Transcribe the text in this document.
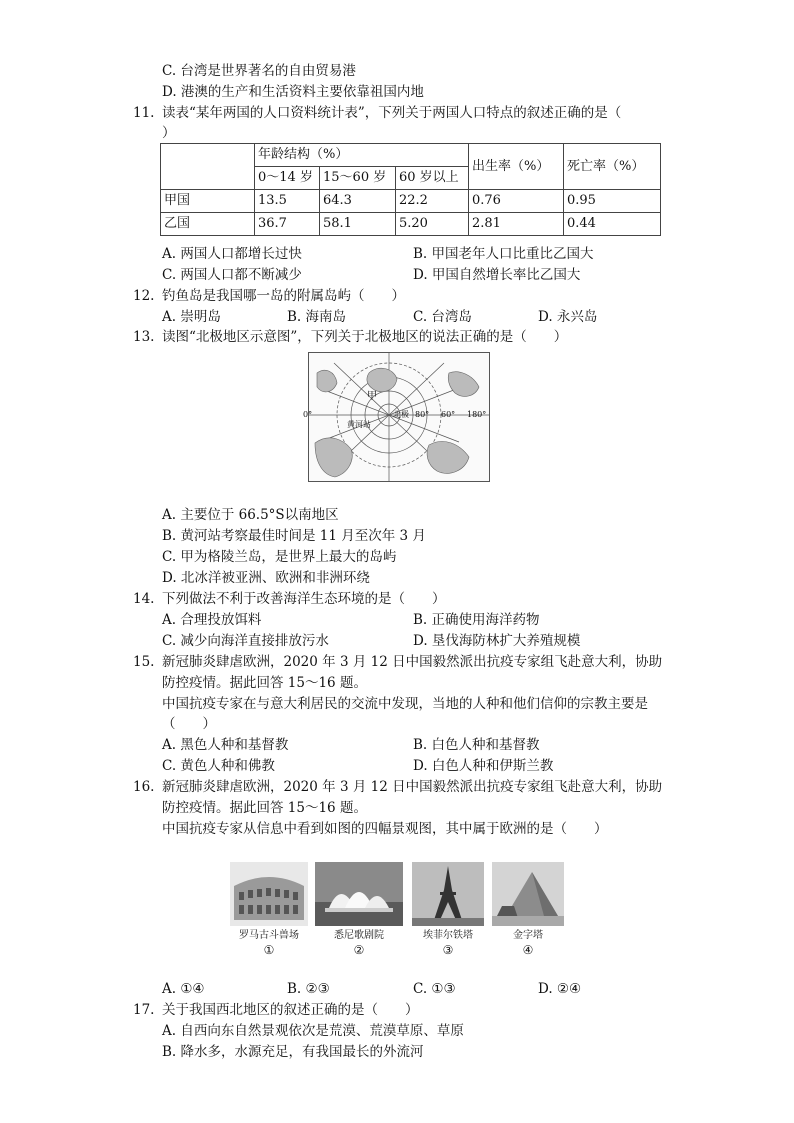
C. 台湾是世界著名的自由贸易港
D. 港澳的生产和生活资料主要依靠祖国内地
11. 读表“某年两国的人口资料统计表”，下列关于两国人口特点的叙述正确的是（
）
	年龄结构（%）			出生率（%）	死亡率（%）
	0～14 岁	15～60 岁	60 岁以上		
甲国	13.5	64.3	22.2	0.76	0.95
乙国	36.7	58.1	5.20	2.81	0.44
A. 两国人口都增长过快	B. 甲国老年人口比重比乙国大
C. 两国人口都不断减少	D. 甲国自然增长率比乙国大
12. 钓鱼岛是我国哪一岛的附属岛屿（　　）
A. 崇明岛	B. 海南岛	C. 台湾岛	D. 永兴岛
13. 读图“北极地区示意图”，下列关于北极地区的说法正确的是（　　）
甲
北极
黄河站
80° 60° 180°
0°
A. 主要位于 66.5°S以南地区
B. 黄河站考察最佳时间是 11 月至次年 3 月
C. 甲为格陵兰岛，是世界上最大的岛屿
D. 北冰洋被亚洲、欧洲和非洲环绕
14. 下列做法不利于改善海洋生态环境的是（　　）
A. 合理投放饵料	B. 正确使用海洋药物
C. 减少向海洋直接排放污水	D. 垦伐海防林扩大养殖规模
15. 新冠肺炎肆虐欧洲，2020 年 3 月 12 日中国毅然派出抗疫专家组飞赴意大利，协助
防控疫情。据此回答 15～16 题。
中国抗疫专家在与意大利居民的交流中发现，当地的人种和他们信仰的宗教主要是
（　　）
A. 黑色人种和基督教	B. 白色人种和基督教
C. 黄色人种和佛教	D. 白色人种和伊斯兰教
16. 新冠肺炎肆虐欧洲，2020 年 3 月 12 日中国毅然派出抗疫专家组飞赴意大利，协助
防控疫情。据此回答 15～16 题。
中国抗疫专家从信息中看到如图的四幅景观图，其中属于欧洲的是（　　）
罗马古斗兽场	悉尼歌剧院	埃菲尔铁塔	金字塔
①	②	③	④
A. ①④	B. ②③	C. ①③	D. ②④
17. 关于我国西北地区的叙述正确的是（　　）
A. 自西向东自然景观依次是荒漠、荒漠草原、草原
B. 降水多，水源充足，有我国最长的外流河
